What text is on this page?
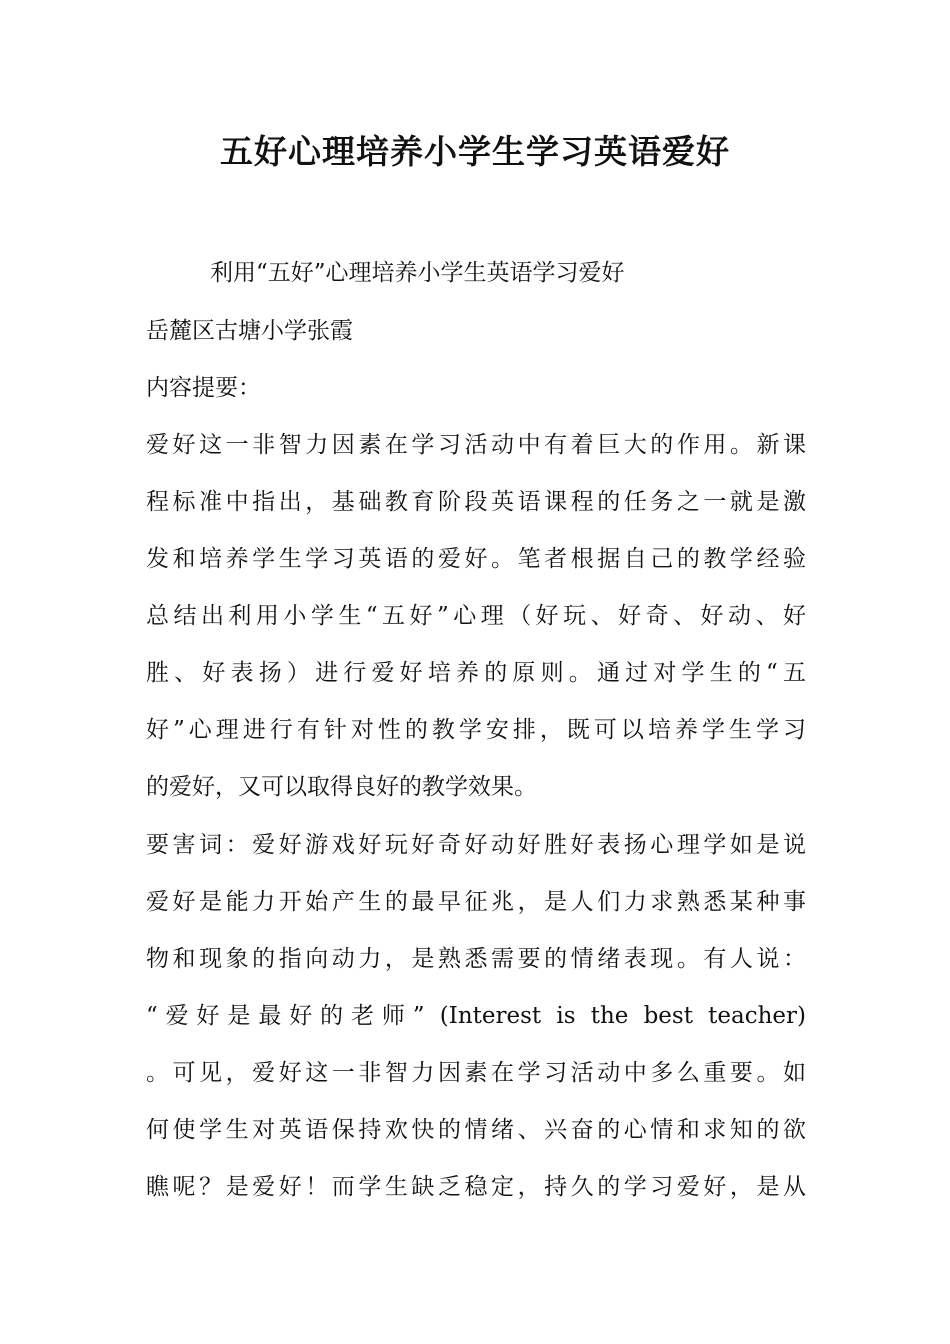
五好心理培养小学生学习英语爱好

利用“五好”心理培养小学生英语学习爱好

岳麓区古塘小学张霞

内容提要：

爱好这一非智力因素在学习活动中有着巨大的作用。新课

程标准中指出，基础教育阶段英语课程的任务之一就是激

发和培养学生学习英语的爱好。笔者根据自己的教学经验

总结出利用小学生“五好”心理（好玩、好奇、好动、好

胜、好表扬）进行爱好培养的原则。通过对学生的“五

好”心理进行有针对性的教学安排，既可以培养学生学习

的爱好，又可以取得良好的教学效果。

要害词：爱好游戏好玩好奇好动好胜好表扬心理学如是说

爱好是能力开始产生的最早征兆，是人们力求熟悉某种事

物和现象的指向动力，是熟悉需要的情绪表现。有人说：

“爱好是最好的老师” (Interest is the best teacher)

。可见，爱好这一非智力因素在学习活动中多么重要。如

何使学生对英语保持欢快的情绪、兴奋的心情和求知的欲

瞧呢？是爱好！而学生缺乏稳定，持久的学习爱好，是从
